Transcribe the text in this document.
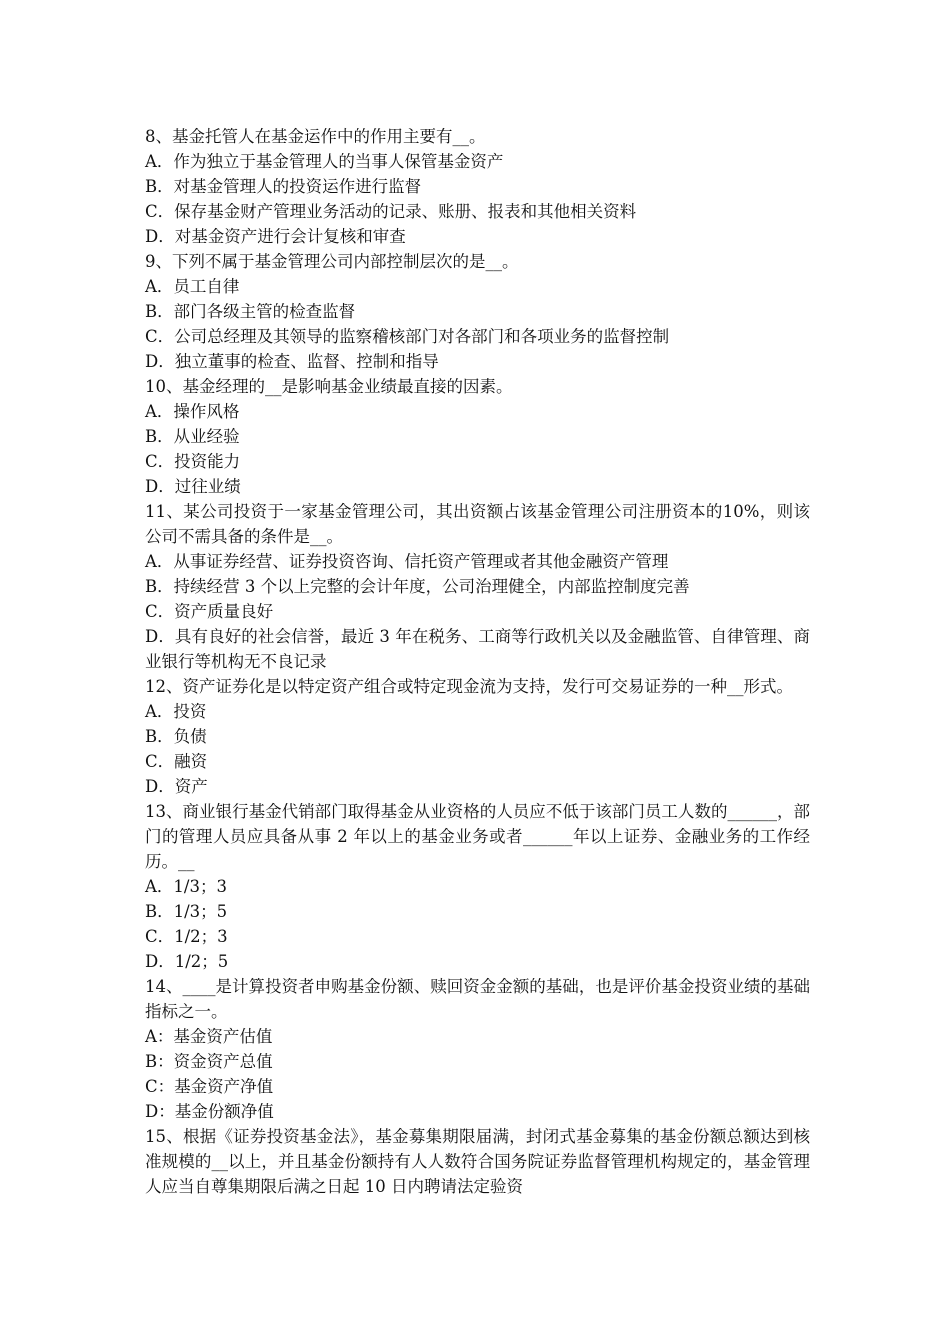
8、基金托管人在基金运作中的作用主要有__。

A．作为独立于基金管理人的当事人保管基金资产

B．对基金管理人的投资运作进行监督

C．保存基金财产管理业务活动的记录、账册、报表和其他相关资料

D．对基金资产进行会计复核和审查

9、下列不属于基金管理公司内部控制层次的是__。

A．员工自律

B．部门各级主管的检查监督

C．公司总经理及其领导的监察稽核部门对各部门和各项业务的监督控制

D．独立董事的检查、监督、控制和指导

10、基金经理的__是影响基金业绩最直接的因素。

A．操作风格

B．从业经验

C．投资能力

D．过往业绩

11、某公司投资于一家基金管理公司，其出资额占该基金管理公司注册资本的10%，则该公司不需具备的条件是__。

A．从事证券经营、证券投资咨询、信托资产管理或者其他金融资产管理

B．持续经营 3 个以上完整的会计年度，公司治理健全，内部监控制度完善

C．资产质量良好

D．具有良好的社会信誉，最近 3 年在税务、工商等行政机关以及金融监管、自律管理、商业银行等机构无不良记录

12、资产证券化是以特定资产组合或特定现金流为支持，发行可交易证券的一种__形式。

A．投资

B．负债

C．融资

D．资产

13、商业银行基金代销部门取得基金从业资格的人员应不低于该部门员工人数的______，部门的管理人员应具备从事 2 年以上的基金业务或者______年以上证券、金融业务的工作经历。__

A．1/3；3

B．1/3；5

C．1/2；3

D．1/2；5

14、____是计算投资者申购基金份额、赎回资金金额的基础，也是评价基金投资业绩的基础指标之一。

A：基金资产估值

B：资金资产总值

C：基金资产净值

D：基金份额净值

15、根据《证券投资基金法》，基金募集期限届满，封闭式基金募集的基金份额总额达到核准规模的__以上，并且基金份额持有人人数符合国务院证券监督管理机构规定的，基金管理人应当自尊集期限后满之日起 10 日内聘请法定验资
